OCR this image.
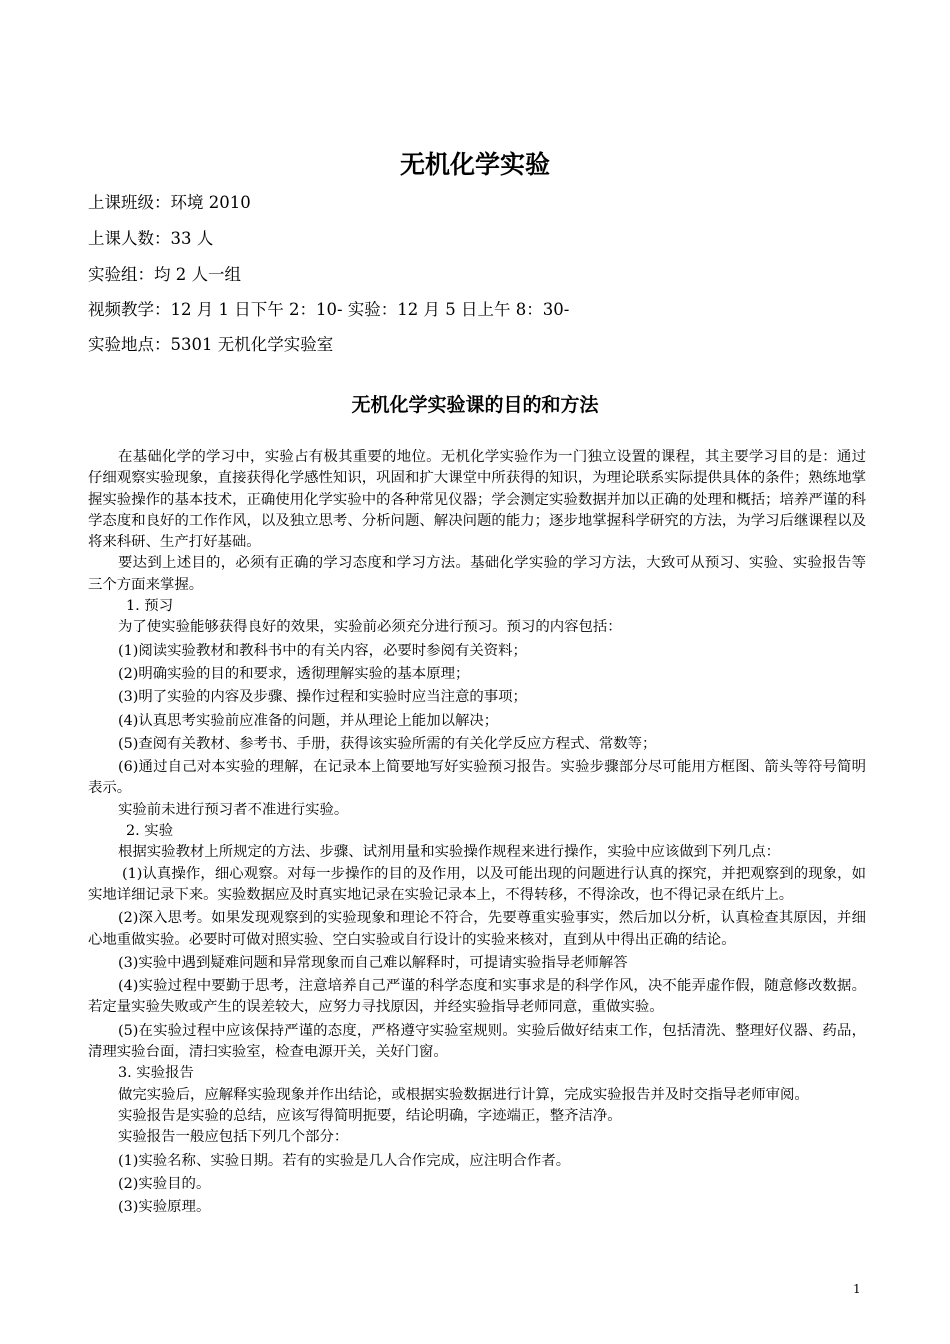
无机化学实验
上课班级：环境 2010
上课人数：33 人
实验组：均 2 人一组
视频教学：12 月 1 日下午 2：10- 实验：12 月 5 日上午 8：30-
实验地点：5301 无机化学实验室
无机化学实验课的目的和方法

在基础化学的学习中，实验占有极其重要的地位。无机化学实验作为一门独立设置的课程，其主要学习目的是：通过仔细观察实验现象，直接获得化学感性知识，巩固和扩大课堂中所获得的知识，为理论联系实际提供具体的条件；熟练地掌握实验操作的基本技术，正确使用化学实验中的各种常见仪器；学会测定实验数据并加以正确的处理和概括；培养严谨的科学态度和良好的工作作风，以及独立思考、分析问题、解决问题的能力；逐步地掌握科学研究的方法，为学习后继课程以及将来科研、生产打好基础。

要达到上述目的，必须有正确的学习态度和学习方法。基础化学实验的学习方法，大致可从预习、实验、实验报告等三个方面来掌握。

1. 预习

为了使实验能够获得良好的效果，实验前必须充分进行预习。预习的内容包括：

(1)阅读实验教材和教科书中的有关内容，必要时参阅有关资料；

(2)明确实验的目的和要求，透彻理解实验的基本原理；

(3)明了实验的内容及步骤、操作过程和实验时应当注意的事项；

(4)认真思考实验前应准备的问题，并从理论上能加以解决；

(5)查阅有关教材、参考书、手册，获得该实验所需的有关化学反应方程式、常数等；

(6)通过自己对本实验的理解，在记录本上简要地写好实验预习报告。实验步骤部分尽可能用方框图、箭头等符号简明表示。

实验前未进行预习者不准进行实验。

2. 实验

根据实验教材上所规定的方法、步骤、试剂用量和实验操作规程来进行操作，实验中应该做到下列几点：

(1)认真操作，细心观察。对每一步操作的目的及作用，以及可能出现的问题进行认真的探究，并把观察到的现象，如实地详细记录下来。实验数据应及时真实地记录在实验记录本上，不得转移，不得涂改，也不得记录在纸片上。

(2)深入思考。如果发现观察到的实验现象和理论不符合，先要尊重实验事实，然后加以分析，认真检查其原因，并细心地重做实验。必要时可做对照实验、空白实验或自行设计的实验来核对，直到从中得出正确的结论。

(3)实验中遇到疑难问题和异常现象而自己难以解释时，可提请实验指导老师解答

(4)实验过程中要勤于思考，注意培养自己严谨的科学态度和实事求是的科学作风，决不能弄虚作假，随意修改数据。若定量实验失败或产生的误差较大，应努力寻找原因，并经实验指导老师同意，重做实验。

(5)在实验过程中应该保持严谨的态度，严格遵守实验室规则。实验后做好结束工作，包括清洗、整理好仪器、药品，清理实验台面，清扫实验室，检查电源开关，关好门窗。

3. 实验报告

做完实验后，应解释实验现象并作出结论，或根据实验数据进行计算，完成实验报告并及时交指导老师审阅。

实验报告是实验的总结，应该写得简明扼要，结论明确，字迹端正，整齐洁净。

实验报告一般应包括下列几个部分：

(1)实验名称、实验日期。若有的实验是几人合作完成，应注明合作者。

(2)实验目的。

(3)实验原理。

1
